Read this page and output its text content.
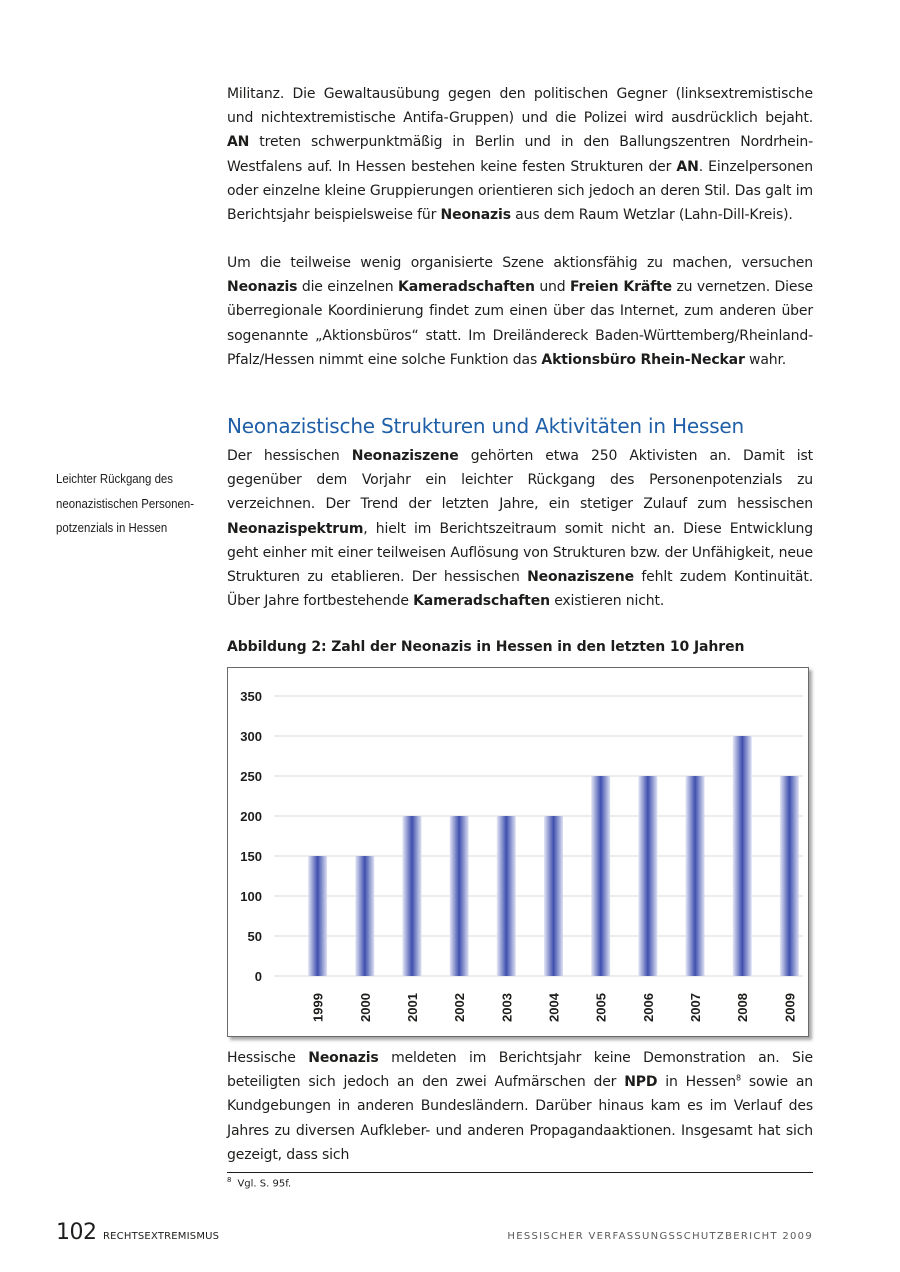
Militanz. Die Gewaltausübung gegen den politischen Gegner (linksextremistische und nichtextremistische Antifa-Gruppen) und die Polizei wird ausdrücklich bejaht. AN treten schwerpunktmäßig in Berlin und in den Ballungszentren Nordrhein-Westfalens auf. In Hessen bestehen keine festen Strukturen der AN. Einzelpersonen oder einzelne kleine Gruppierungen orientieren sich jedoch an deren Stil. Das galt im Berichtsjahr beispielsweise für Neonazis aus dem Raum Wetzlar (Lahn-Dill-Kreis).

Um die teilweise wenig organisierte Szene aktionsfähig zu machen, versuchen Neonazis die einzelnen Kameradschaften und Freien Kräfte zu vernetzen. Diese überregionale Koordinierung findet zum einen über das Internet, zum anderen über sogenannte „Aktionsbüros“ statt. Im Dreiländereck Baden-Württemberg/Rheinland-Pfalz/Hessen nimmt eine solche Funktion das Aktionsbüro Rhein-Neckar wahr.

Neonazistische Strukturen und Aktivitäten in Hessen
Leichter Rückgang des
neonazistischen Personen-
potzenzials in Hessen

Der hessischen Neonaziszene gehörten etwa 250 Aktivisten an. Damit ist gegenüber dem Vorjahr ein leichter Rückgang des Personenpotenzials zu verzeichnen. Der Trend der letzten Jahre, ein stetiger Zulauf zum hessischen Neonazispektrum, hielt im Berichtszeitraum somit nicht an. Diese Entwicklung geht einher mit einer teilweisen Auflösung von Strukturen bzw. der Unfähigkeit, neue Strukturen zu etablieren. Der hessischen Neonaziszene fehlt zudem Kontinuität. Über Jahre fortbestehende Kameradschaften existieren nicht.

Abbildung 2: Zahl der Neonazis in Hessen in den letzten 10 Jahren

0
50
100
150
200
250
300
350
1999 2000 2001 2002 2003 2004 2005 2006 2007 2008 2009

Hessische Neonazis meldeten im Berichtsjahr keine Demonstration an. Sie beteiligten sich jedoch an den zwei Aufmärschen der NPD in Hessen$^8$ sowie an Kundgebungen in anderen Bundesländern. Darüber hinaus kam es im Verlauf des Jahres zu diversen Aufkleber- und anderen Propagandaaktionen. Insgesamt hat sich gezeigt, dass sich

$^8$ Vgl. S. 95f.

102 RECHTSEXTREMISMUS	HESSISCHER VERFASSUNGSSCHUTZBERICHT 2009
